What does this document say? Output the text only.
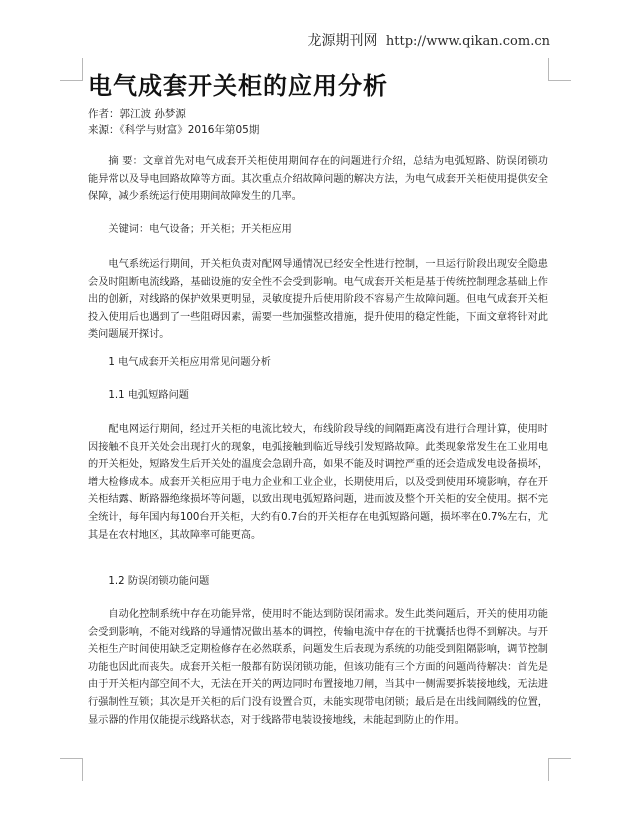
龙源期刊网 http://www.qikan.com.cn
电气成套开关柜的应用分析
作者：郭江波 孙梦源
来源：《科学与财富》2016年第05期
摘 要：文章首先对电气成套开关柜使用期间存在的问题进行介绍，总结为电弧短路、防误闭锁功能异常以及导电回路故障等方面。其次重点介绍故障问题的解决方法，为电气成套开关柜使用提供安全保障，减少系统运行使用期间故障发生的几率。
关键词：电气设备；开关柜；开关柜应用
电气系统运行期间，开关柜负责对配网导通情况已经安全性进行控制，一旦运行阶段出现安全隐患会及时阻断电流线路，基础设施的安全性不会受到影响。电气成套开关柜是基于传统控制理念基础上作出的创新，对线路的保护效果更明显，灵敏度提升后使用阶段不容易产生故障问题。但电气成套开关柜投入使用后也遇到了一些阻碍因素，需要一些加强整改措施，提升使用的稳定性能，下面文章将针对此类问题展开探讨。
1 电气成套开关柜应用常见问题分析
1.1 电弧短路问题
配电网运行期间，经过开关柜的电流比较大，布线阶段导线的间隔距离没有进行合理计算，使用时因接触不良开关处会出现打火的现象，电弧接触到临近导线引发短路故障。此类现象常发生在工业用电的开关柜处，短路发生后开关处的温度会急剧升高，如果不能及时调控严重的还会造成发电设备损坏，增大检修成本。成套开关柜应用于电力企业和工业企业，长期使用后，以及受到使用环境影响，存在开关柜结露、断路器绝缘损坏等问题，以致出现电弧短路问题，进而波及整个开关柜的安全使用。据不完全统计，每年国内每100台开关柜，大约有0.7台的开关柜存在电弧短路问题，损坏率在0.7%左右，尤其是在农村地区，其故障率可能更高。
1.2 防误闭锁功能问题
自动化控制系统中存在功能异常，使用时不能达到防误闭需求。发生此类问题后，开关的使用功能会受到影响，不能对线路的导通情况做出基本的调控，传输电流中存在的干扰囊括也得不到解决。与开关柜生产时间使用缺乏定期检修存在必然联系，问题发生后表现为系统的功能受到阻隔影响，调节控制功能也因此而丧失。成套开关柜一般都有防误闭锁功能，但该功能有三个方面的问题尚待解决：首先是由于开关柜内部空间不大，无法在开关的两边同时布置接地刀闸，当其中一侧需要拆装接地线，无法进行强制性互锁；其次是开关柜的后门没有设置合页，未能实现带电闭锁；最后是在出线间隔线的位置，显示器的作用仅能提示线路状态，对于线路带电装设接地线，未能起到防止的作用。
